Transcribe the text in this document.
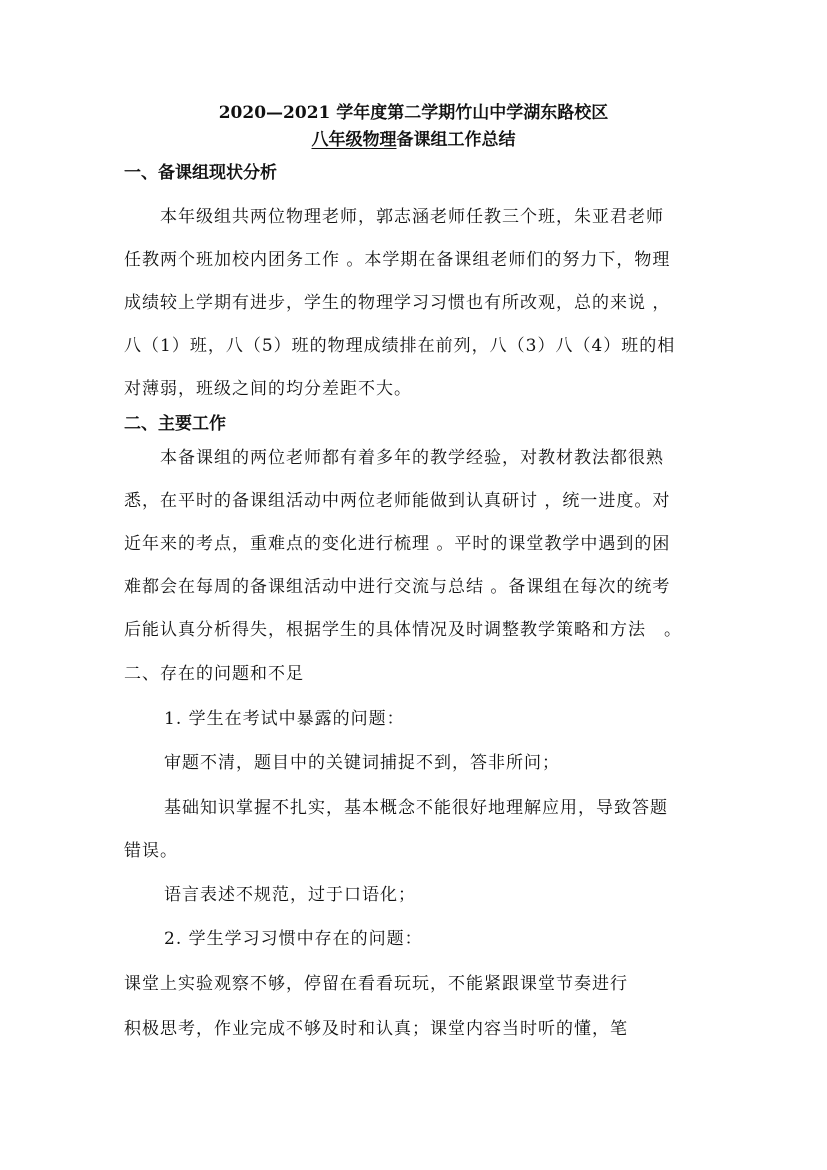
2020—2021 学年度第二学期竹山中学湖东路校区
八年级物理备课组工作总结
一、备课组现状分析
本年级组共两位物理老师，郭志涵老师任教三个班，朱亚君老师
任教两个班加校内团务工作 。本学期在备课组老师们的努力下，物理
成绩较上学期有进步，学生的物理学习习惯也有所改观，总的来说 ，
八（1）班，八（5）班的物理成绩排在前列，八（3）八（4）班的相
对薄弱，班级之间的均分差距不大。
二、主要工作
本备课组的两位老师都有着多年的教学经验，对教材教法都很熟
悉，在平时的备课组活动中两位老师能做到认真研讨 ，统一进度。对
近年来的考点，重难点的变化进行梳理 。平时的课堂教学中遇到的困
难都会在每周的备课组活动中进行交流与总结 。备课组在每次的统考
后能认真分析得失，根据学生的具体情况及时调整教学策略和方法　。
二、存在的问题和不足
1. 学生在考试中暴露的问题：
审题不清，题目中的关键词捕捉不到，答非所问；
基础知识掌握不扎实，基本概念不能很好地理解应用，导致答题
错误。
语言表述不规范，过于口语化；
2. 学生学习习惯中存在的问题：
课堂上实验观察不够，停留在看看玩玩，不能紧跟课堂节奏进行
积极思考，作业完成不够及时和认真；课堂内容当时听的懂，笔
